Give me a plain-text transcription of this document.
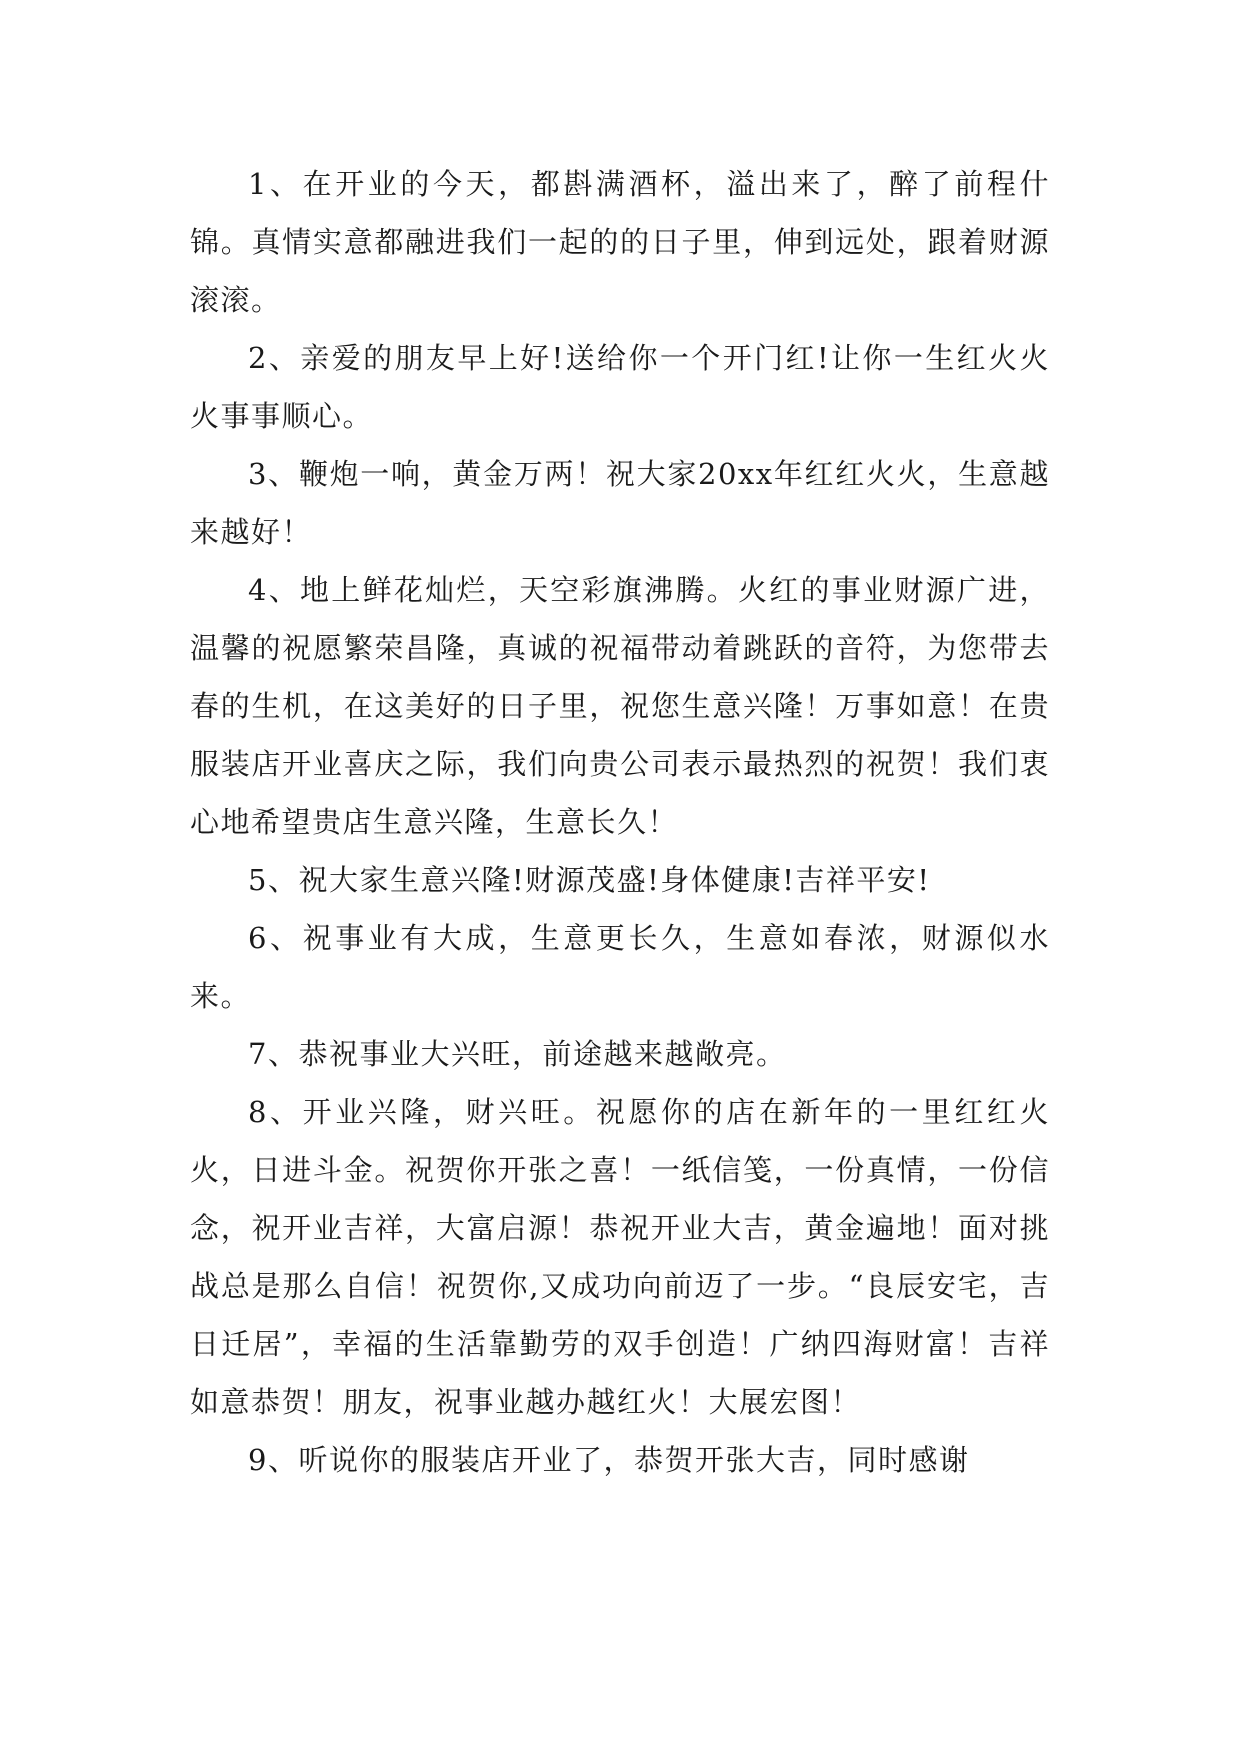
1、在开业的今天，都斟满酒杯，溢出来了，醉了前程什锦。真情实意都融进我们一起的的日子里，伸到远处，跟着财源滚滚。

2、亲爱的朋友早上好!送给你一个开门红!让你一生红火火火事事顺心。

3、鞭炮一响，黄金万两！祝大家20xx年红红火火，生意越来越好！

4、地上鲜花灿烂，天空彩旗沸腾。火红的事业财源广进，温馨的祝愿繁荣昌隆，真诚的祝福带动着跳跃的音符，为您带去春的生机，在这美好的日子里，祝您生意兴隆！万事如意！在贵服装店开业喜庆之际，我们向贵公司表示最热烈的祝贺！我们衷心地希望贵店生意兴隆，生意长久！

5、祝大家生意兴隆!财源茂盛!身体健康!吉祥平安!

6、祝事业有大成，生意更长久，生意如春浓，财源似水来。

7、恭祝事业大兴旺，前途越来越敞亮。

8、开业兴隆，财兴旺。祝愿你的店在新年的一里红红火火，日进斗金。祝贺你开张之喜！一纸信笺，一份真情，一份信念，祝开业吉祥，大富启源！恭祝开业大吉，黄金遍地！面对挑战总是那么自信！祝贺你,又成功向前迈了一步。“良辰安宅，吉日迁居”，幸福的生活靠勤劳的双手创造！广纳四海财富！吉祥如意恭贺！朋友，祝事业越办越红火！大展宏图！

9、听说你的服装店开业了，恭贺开张大吉，同时感谢
